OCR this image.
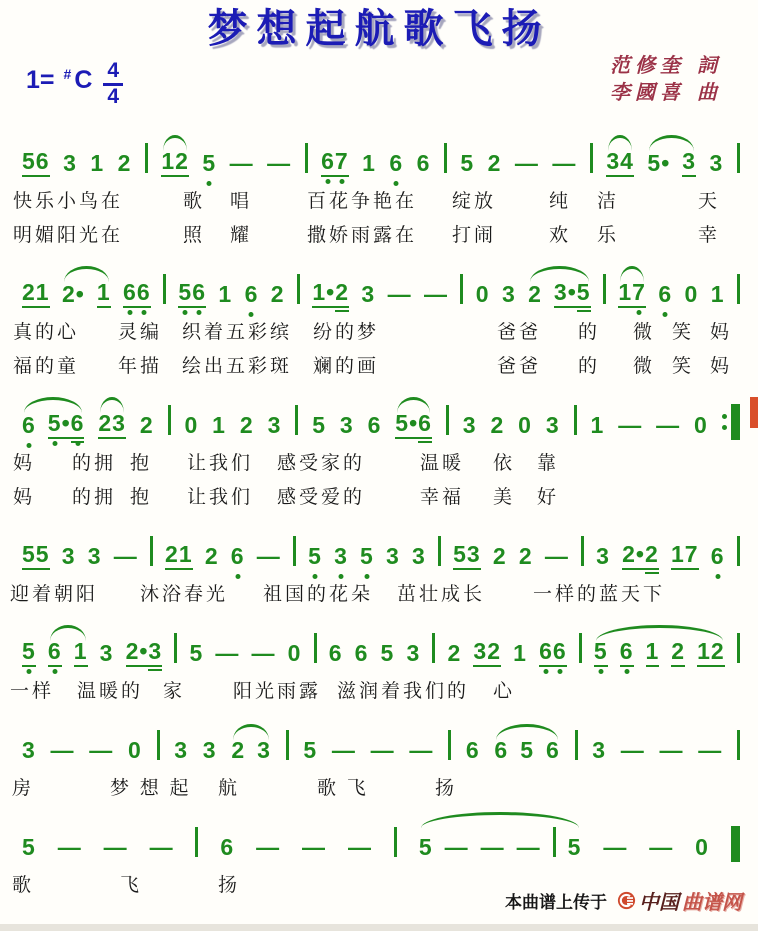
梦想起航歌飞扬
1= # C $\frac{4}{4}$	范修奎 詞
李國喜 曲
5 6 3 1 2 1 2 5 — — 6 7 1 6 6 5 2 — — 3 4 5 • 3 3
快乐小鸟在	歌 唱	百花争艳在 绽放	纯 洁	天
明媚阳光在	照 耀	撒娇雨露在 打闹	欢 乐	幸
2 1 2 • 1 6 6 5 6 1 6 2 1 • 2 3 — — 0 3 2 3 • 5 1 7 6 0 1
真的心 灵编 织着五彩缤 纷的梦	爸爸 的 微 笑 妈
福的童 年描 绘出五彩斑 斓的画	爸爸 的 微 笑 妈
6 5 • 6 2 3 2 0 1 2 3 5 3 6 5 • 6 3 2 0 3 1 — — 0
妈 的拥 抱 让我们 感受家的	温暖 依 靠
妈 的拥 抱 让我们 感受爱的	幸福 美 好
5 5 3 3 — 2 1 2 6 — 5 3 5 3 3 5 3 2 2 — 3 2 • 2 1 7 6
迎着朝阳 沐浴春光 祖国的花朵 茁壮成长	一样的蓝天下
5 6 1 3 2 • 3 5 — — 0 6 6 5 3 2 3 2 1 6 6 5 6 1 2 1 2
一样 温暖的 家	阳光雨露 滋润着我们的 心
3 — — 0 3 3 2 3 5 — — — 6 6 5 6 3 — — —
房	梦 想 起 航	歌 飞	扬
5 — — — 6 — — — 5 — — — 5 — — 0
歌	飞	扬
本曲谱上传于 中国 曲谱网
